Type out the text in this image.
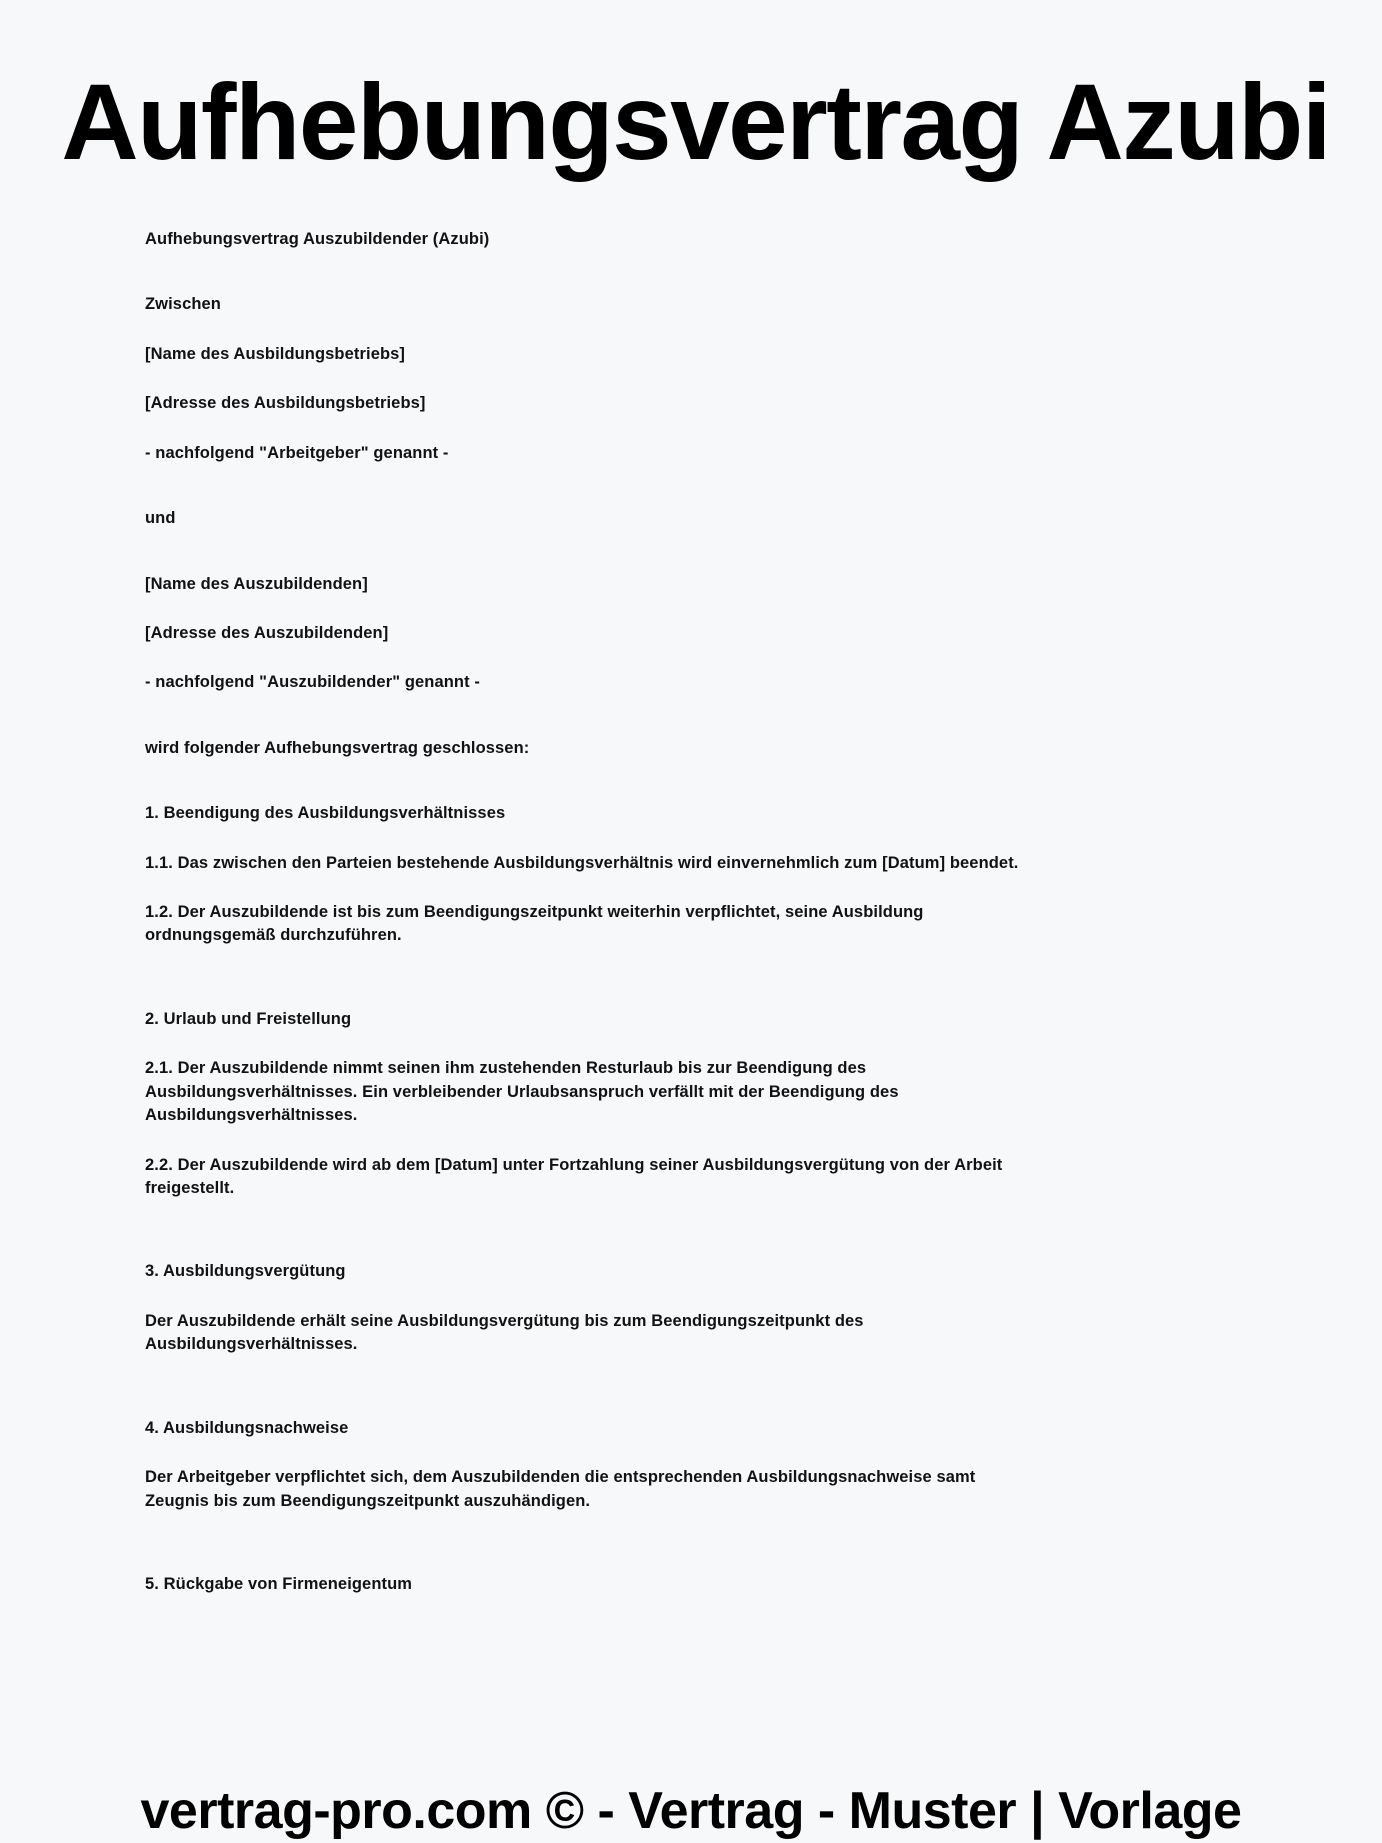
Aufhebungsvertrag Azubi

Aufhebungsvertrag Auszubildender (Azubi)

Zwischen

[Name des Ausbildungsbetriebs]

[Adresse des Ausbildungsbetriebs]

- nachfolgend "Arbeitgeber" genannt -

und

[Name des Auszubildenden]

[Adresse des Auszubildenden]

- nachfolgend "Auszubildender" genannt -

wird folgender Aufhebungsvertrag geschlossen:

1. Beendigung des Ausbildungsverhältnisses

1.1. Das zwischen den Parteien bestehende Ausbildungsverhältnis wird einvernehmlich zum [Datum] beendet.

1.2. Der Auszubildende ist bis zum Beendigungszeitpunkt weiterhin verpflichtet, seine Ausbildung ordnungsgemäß durchzuführen.

2. Urlaub und Freistellung

2.1. Der Auszubildende nimmt seinen ihm zustehenden Resturlaub bis zur Beendigung des Ausbildungsverhältnisses. Ein verbleibender Urlaubsanspruch verfällt mit der Beendigung des Ausbildungsverhältnisses.

2.2. Der Auszubildende wird ab dem [Datum] unter Fortzahlung seiner Ausbildungsvergütung von der Arbeit freigestellt.

3. Ausbildungsvergütung

Der Auszubildende erhält seine Ausbildungsvergütung bis zum Beendigungszeitpunkt des Ausbildungsverhältnisses.

4. Ausbildungsnachweise

Der Arbeitgeber verpflichtet sich, dem Auszubildenden die entsprechenden Ausbildungsnachweise samt Zeugnis bis zum Beendigungszeitpunkt auszuhändigen.

5. Rückgabe von Firmeneigentum

vertrag-pro.com © - Vertrag - Muster | Vorlage
